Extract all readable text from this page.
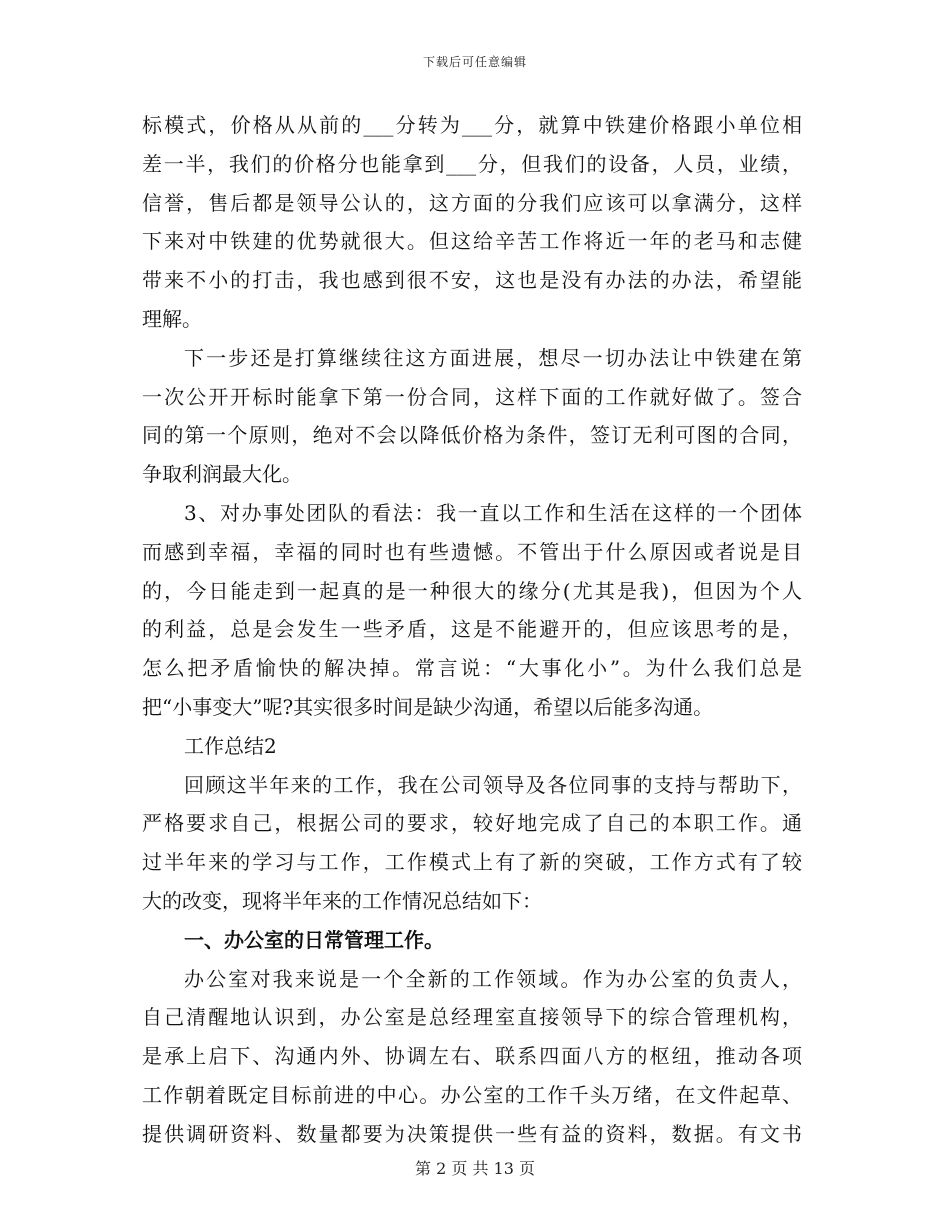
下载后可任意编辑
标模式，价格从从前的___分转为___分，就算中铁建价格跟小单位相
差一半，我们的价格分也能拿到___分，但我们的设备，人员，业绩，
信誉，售后都是领导公认的，这方面的分我们应该可以拿满分，这样
下来对中铁建的优势就很大。但这给辛苦工作将近一年的老马和志健
带来不小的打击，我也感到很不安，这也是没有办法的办法，希望能
理解。
下一步还是打算继续往这方面进展，想尽一切办法让中铁建在第
一次公开开标时能拿下第一份合同，这样下面的工作就好做了。签合
同的第一个原则，绝对不会以降低价格为条件，签订无利可图的合同，
争取利润最大化。
3、对办事处团队的看法：我一直以工作和生活在这样的一个团体
而感到幸福，幸福的同时也有些遗憾。不管出于什么原因或者说是目
的，今日能走到一起真的是一种很大的缘分(尤其是我)，但因为个人
的利益，总是会发生一些矛盾，这是不能避开的，但应该思考的是，
怎么把矛盾愉快的解决掉。常言说：“大事化小”。为什么我们总是
把“小事变大”呢?其实很多时间是缺少沟通，希望以后能多沟通。
工作总结2
回顾这半年来的工作，我在公司领导及各位同事的支持与帮助下，
严格要求自己，根据公司的要求，较好地完成了自己的本职工作。通
过半年来的学习与工作，工作模式上有了新的突破，工作方式有了较
大的改变，现将半年来的工作情况总结如下：
一、办公室的日常管理工作。
办公室对我来说是一个全新的工作领域。作为办公室的负责人，
自己清醒地认识到，办公室是总经理室直接领导下的综合管理机构，
是承上启下、沟通内外、协调左右、联系四面八方的枢纽，推动各项
工作朝着既定目标前进的中心。办公室的工作千头万绪，在文件起草、
提供调研资料、数量都要为决策提供一些有益的资料，数据。有文书
第 2 页 共 13 页
